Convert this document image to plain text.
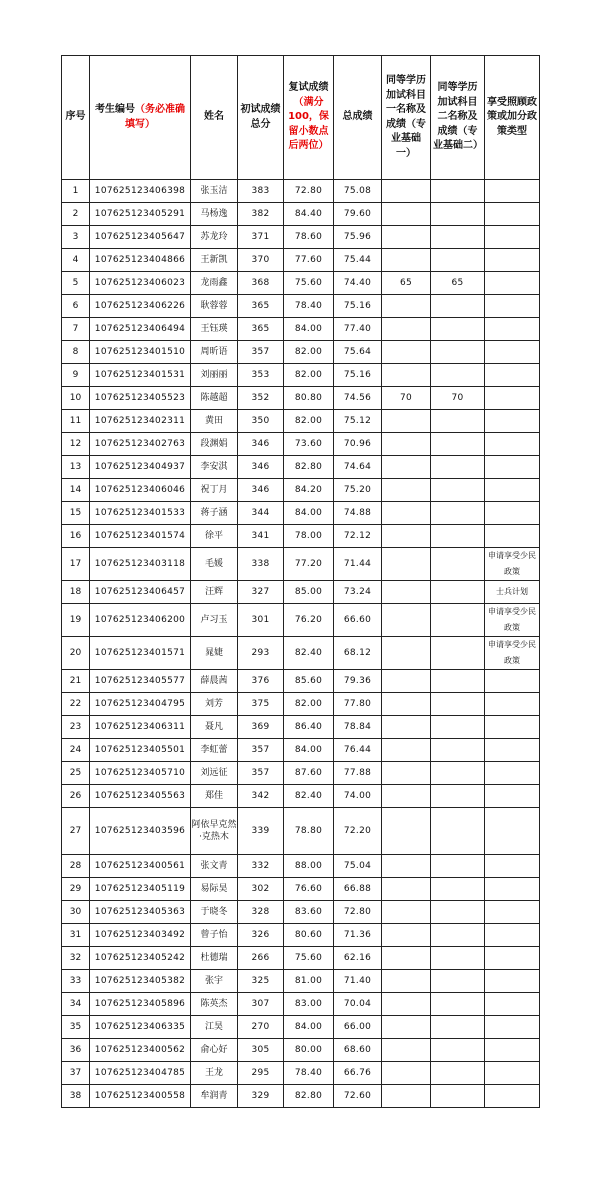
序号	考生编号（务必准确填写）	姓名	初试成绩总分	复试成绩（满分100，保留小数点后两位）	总成绩	同等学历加试科目一名称及成绩（专业基础一）	同等学历加试科目二名称及成绩（专业基础二）	享受照顾政策或加分政策类型
1	107625123406398	张玉洁	383	72.80	75.08			
2	107625123405291	马杨逸	382	84.40	79.60			
3	107625123405647	苏龙玲	371	78.60	75.96			
4	107625123404866	王新凯	370	77.60	75.44			
5	107625123406023	龙雨鑫	368	75.60	74.40	65	65	
6	107625123406226	耿蓉蓉	365	78.40	75.16			
7	107625123406494	王钰瑛	365	84.00	77.40			
8	107625123401510	周昕语	357	82.00	75.64			
9	107625123401531	刘丽丽	353	82.00	75.16			
10	107625123405523	陈越超	352	80.80	74.56	70	70	
11	107625123402311	黄田	350	82.00	75.12			
12	107625123402763	段渊娟	346	73.60	70.96			
13	107625123404937	李安淇	346	82.80	74.64			
14	107625123406046	祝丁月	346	84.20	75.20			
15	107625123401533	蒋子涵	344	84.00	74.88			
16	107625123401574	徐平	341	78.00	72.12			
17	107625123403118	毛媛	338	77.20	71.44			申请享受少民政策
18	107625123406457	汪辉	327	85.00	73.24			士兵计划
19	107625123406200	卢习玉	301	76.20	66.60			申请享受少民政策
20	107625123401571	晁婕	293	82.40	68.12			申请享受少民政策
21	107625123405577	薛晨茜	376	85.60	79.36			
22	107625123404795	刘芳	375	82.00	77.80			
23	107625123406311	聂凡	369	86.40	78.84			
24	107625123405501	李虹蕾	357	84.00	76.44			
25	107625123405710	刘远征	357	87.60	77.88			
26	107625123405563	郑佳	342	82.40	74.00			
27	107625123403596	阿依早克然·克热木	339	78.80	72.20			
28	107625123400561	张文青	332	88.00	75.04			
29	107625123405119	易际昊	302	76.60	66.88			
30	107625123405363	于晓冬	328	83.60	72.80			
31	107625123403492	曾子怡	326	80.60	71.36			
32	107625123405242	杜德瑞	266	75.60	62.16			
33	107625123405382	张宇	325	81.00	71.40			
34	107625123405896	陈英杰	307	83.00	70.04			
35	107625123406335	江昊	270	84.00	66.00			
36	107625123400562	俞心好	305	80.00	68.60			
37	107625123404785	王龙	295	78.40	66.76			
38	107625123400558	牟润青	329	82.80	72.60			
